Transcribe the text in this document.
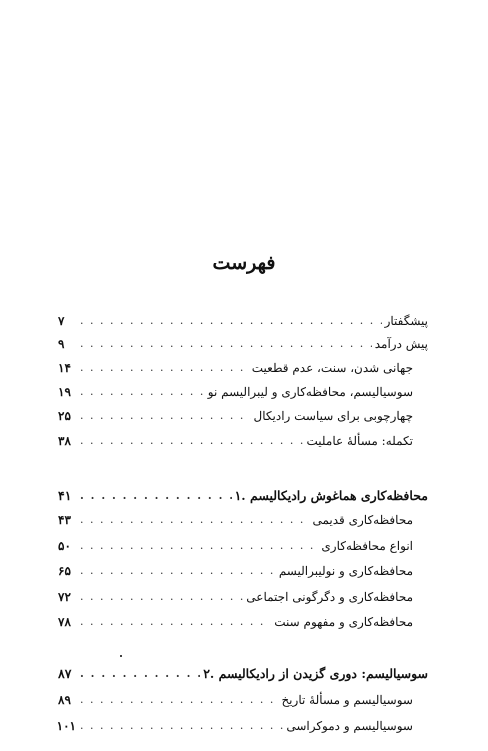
فهرست
پیشگفتار
. . .
۷
پیش درآمد
. . .
۹
جهانی شدن، سنت، عدم قطعیت
. . .
۱۴
سوسیالیسم، محافظه‌کاری و لیبرالیسم نو
. . .
۱۹
چهارچوبی برای سیاست رادیکال
. . .
۲۵
تکمله: مسألهٔ عاملیت
. . .
۳۸
۱. محافظه‌کاری هماغوش رادیکالیسم
. . .
۴۱
محافظه‌کاری قدیمی
. . .
۴۳
انواع محافظه‌کاری
. . .
۵۰
محافظه‌کاری و نولیبرالیسم
. . .
۶۵
محافظه‌کاری و دگرگونی اجتماعی
. . .
۷۲
محافظه‌کاری و مفهوم سنت
. . .
۷۸
۲. سوسیالیسم: دوری گزیدن از رادیکالیسم
. . .
۸۷
سوسیالیسم و مسألهٔ تاریخ
. . .
۸۹
سوسیالیسم و دموکراسی
. . .
۱۰۱
